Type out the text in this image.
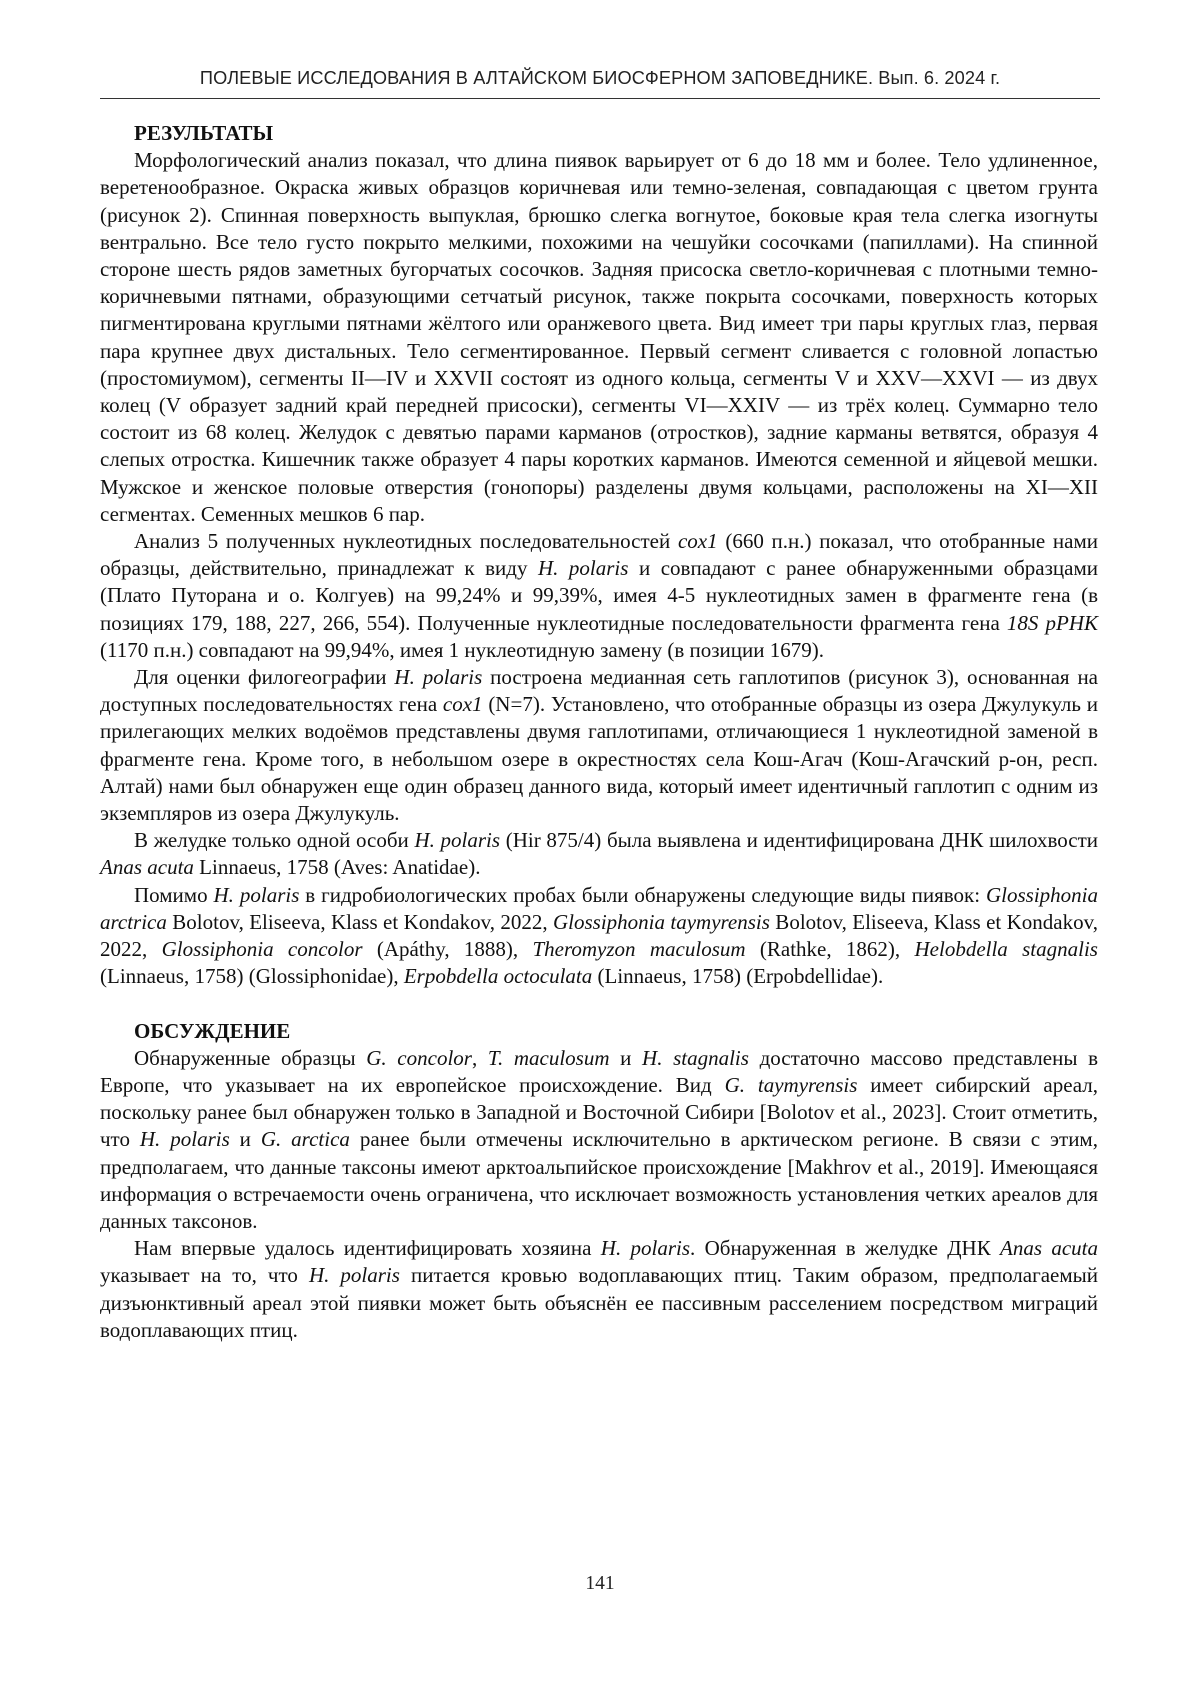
ПОЛЕВЫЕ ИССЛЕДОВАНИЯ В АЛТАЙСКОМ БИОСФЕРНОМ ЗАПОВЕДНИКЕ. Вып. 6. 2024 г.
РЕЗУЛЬТАТЫ

Морфологический анализ показал, что длина пиявок варьирует от 6 до 18 мм и более. Тело удлиненное, веретенообразное. Окраска живых образцов коричневая или темно-зеленая, совпадающая с цветом грунта (рисунок 2). Спинная поверхность выпуклая, брюшко слегка вогнутое, боковые края тела слегка изогнуты вентрально. Все тело густо покрыто мелкими, похожими на чешуйки сосочками (папиллами). На спинной стороне шесть рядов заметных бугорчатых сосочков. Задняя присоска светло-коричневая с плотными темно-коричневыми пятнами, образующими сетчатый рисунок, также покрыта сосочками, поверхность которых пигментирована круглыми пятнами жёлтого или оранжевого цвета. Вид имеет три пары круглых глаз, первая пара крупнее двух дистальных. Тело сегментированное. Первый сегмент сливается с головной лопастью (простомиумом), сегменты II—IV и XXVII состоят из одного кольца, сегменты V и XXV—XXVI — из двух колец (V образует задний край передней присоски), сегменты VI—XXIV — из трёх колец. Суммарно тело состоит из 68 колец. Желудок с девятью парами карманов (отростков), задние карманы ветвятся, образуя 4 слепых отростка. Кишечник также образует 4 пары коротких карманов. Имеются семенной и яйцевой мешки. Мужское и женское половые отверстия (гонопоры) разделены двумя кольцами, расположены на XI—XII сегментах. Семенных мешков 6 пар.

Анализ 5 полученных нуклеотидных последовательностей cox1 (660 п.н.) показал, что отобранные нами образцы, действительно, принадлежат к виду H. polaris и совпадают с ранее обнаруженными образцами (Плато Путорана и о. Колгуев) на 99,24% и 99,39%, имея 4-5 нуклеотидных замен в фрагменте гена (в позициях 179, 188, 227, 266, 554). Полученные нуклеотидные последовательности фрагмента гена 18S pРНК (1170 п.н.) совпадают на 99,94%, имея 1 нуклеотидную замену (в позиции 1679).

Для оценки филогеографии H. polaris построена медианная сеть гаплотипов (рисунок 3), основанная на доступных последовательностях гена cox1 (N=7). Установлено, что отобранные образцы из озера Джулукуль и прилегающих мелких водоёмов представлены двумя гаплотипами, отличающиеся 1 нуклеотидной заменой в фрагменте гена. Кроме того, в небольшом озере в окрестностях села Кош-Агач (Кош-Агачский р-он, респ. Алтай) нами был обнаружен еще один образец данного вида, который имеет идентичный гаплотип с одним из экземпляров из озера Джулукуль.

В желудке только одной особи H. polaris (Hir 875/4) была выявлена и идентифицирована ДНК шилохвости Anas acuta Linnaeus, 1758 (Aves: Anatidae).

Помимо H. polaris в гидробиологических пробах были обнаружены следующие виды пиявок: Glossiphonia arctrica Bolotov, Eliseeva, Klass et Kondakov, 2022, Glossiphonia taymyrensis Bolotov, Eliseeva, Klass et Kondakov, 2022, Glossiphonia concolor (Apáthy, 1888), Theromyzon maculosum (Rathke, 1862), Helobdella stagnalis (Linnaeus, 1758) (Glossiphonidae), Erpobdella octoculata (Linnaeus, 1758) (Erpobdellidae).

ОБСУЖДЕНИЕ

Обнаруженные образцы G. concolor, T. maculosum и H. stagnalis достаточно массово представлены в Европе, что указывает на их европейское происхождение. Вид G. taymyrensis имеет сибирский ареал, поскольку ранее был обнаружен только в Западной и Восточной Сибири [Bolotov et al., 2023]. Стоит отметить, что H. polaris и G. arctica ранее были отмечены исключительно в арктическом регионе. В связи с этим, предполагаем, что данные таксоны имеют арктоальпийское происхождение [Makhrov et al., 2019]. Имеющаяся информация о встречаемости очень ограничена, что исключает возможность установления четких ареалов для данных таксонов.

Нам впервые удалось идентифицировать хозяина H. polaris. Обнаруженная в желудке ДНК Anas acuta указывает на то, что H. polaris питается кровью водоплавающих птиц. Таким образом, предполагаемый дизъюнктивный ареал этой пиявки может быть объяснён ее пассивным расселением посредством миграций водоплавающих птиц.

141
